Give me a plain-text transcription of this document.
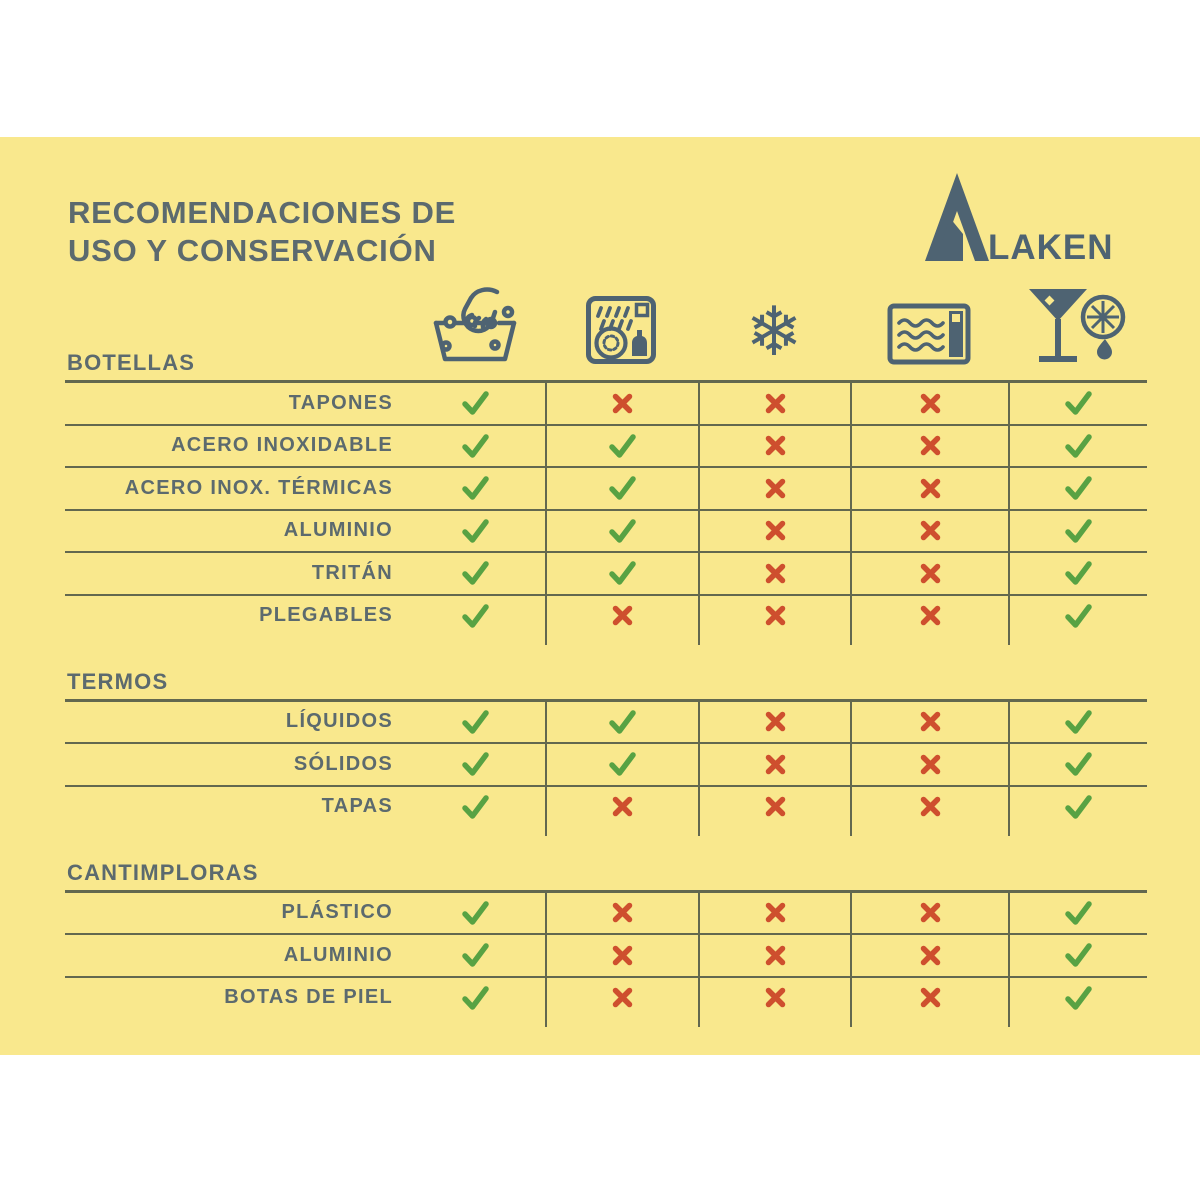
RECOMENDACIONES DE
USO Y CONSERVACIÓN	LAKEN
❄
BOTELLAS
TAPONES
ACERO INOXIDABLE
ACERO INOX. TÉRMICAS
ALUMINIO
TRITÁN
PLEGABLES
TERMOS
LÍQUIDOS
SÓLIDOS
TAPAS
CANTIMPLORAS
PLÁSTICO
ALUMINIO
BOTAS DE PIEL
